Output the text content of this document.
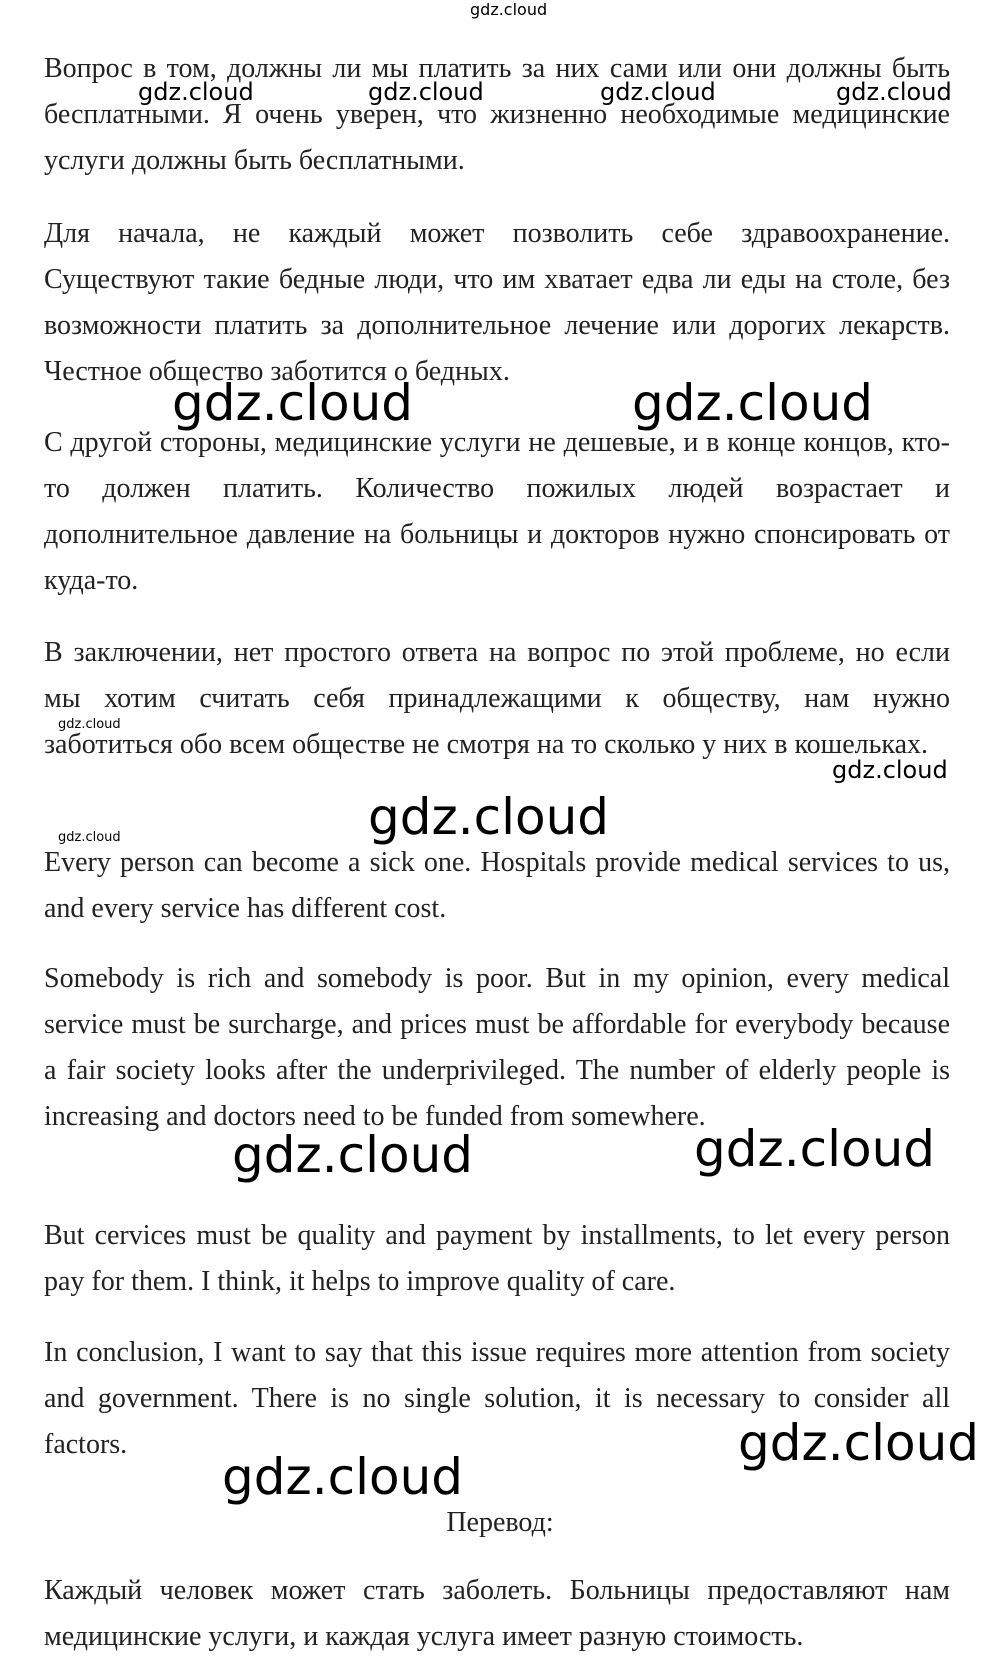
Вопрос в том, должны ли мы платить за них сами или они должны быть бесплатными. Я очень уверен, что жизненно необходимые медицинские услуги должны быть бесплатными.

Для начала, не каждый может позволить себе здравоохранение. Существуют такие бедные люди, что им хватает едва ли еды на столе, без возможности платить за дополнительное лечение или дорогих лекарств. Честное общество заботится о бедных.

С другой стороны, медицинские услуги не дешевые, и в конце концов, кто-то должен платить. Количество пожилых людей возрастает и дополнительное давление на больницы и докторов нужно спонсировать от куда-то.

В заключении, нет простого ответа на вопрос по этой проблеме, но если мы хотим считать себя принадлежащими к обществу, нам нужно заботиться обо всем обществе не смотря на то сколько у них в кошельках.

Every person can become a sick one. Hospitals provide medical services to us, and every service has different cost.

Somebody is rich and somebody is poor. But in my opinion, every medical service must be surcharge, and prices must be affordable for everybody because a fair society looks after the underprivileged. The number of elderly people is increasing and doctors need to be funded from somewhere.

But cervices must be quality and payment by installments, to let every person pay for them. I think, it helps to improve quality of care.

In conclusion, I want to say that this issue requires more attention from society and government. There is no single solution, it is necessary to consider all factors.

Перевод:

Каждый человек может стать заболеть. Больницы предоставляют нам медицинские услуги, и каждая услуга имеет разную стоимость.

gdz.cloud
gdz.cloud	gdz.cloud	gdz.cloud	gdz.cloud
gdz.cloud	gdz.cloud
gdz.cloud
gdz.cloud
gdz.cloud
gdz.cloud
gdz.cloud	gdz.cloud
gdz.cloud
gdz.cloud
